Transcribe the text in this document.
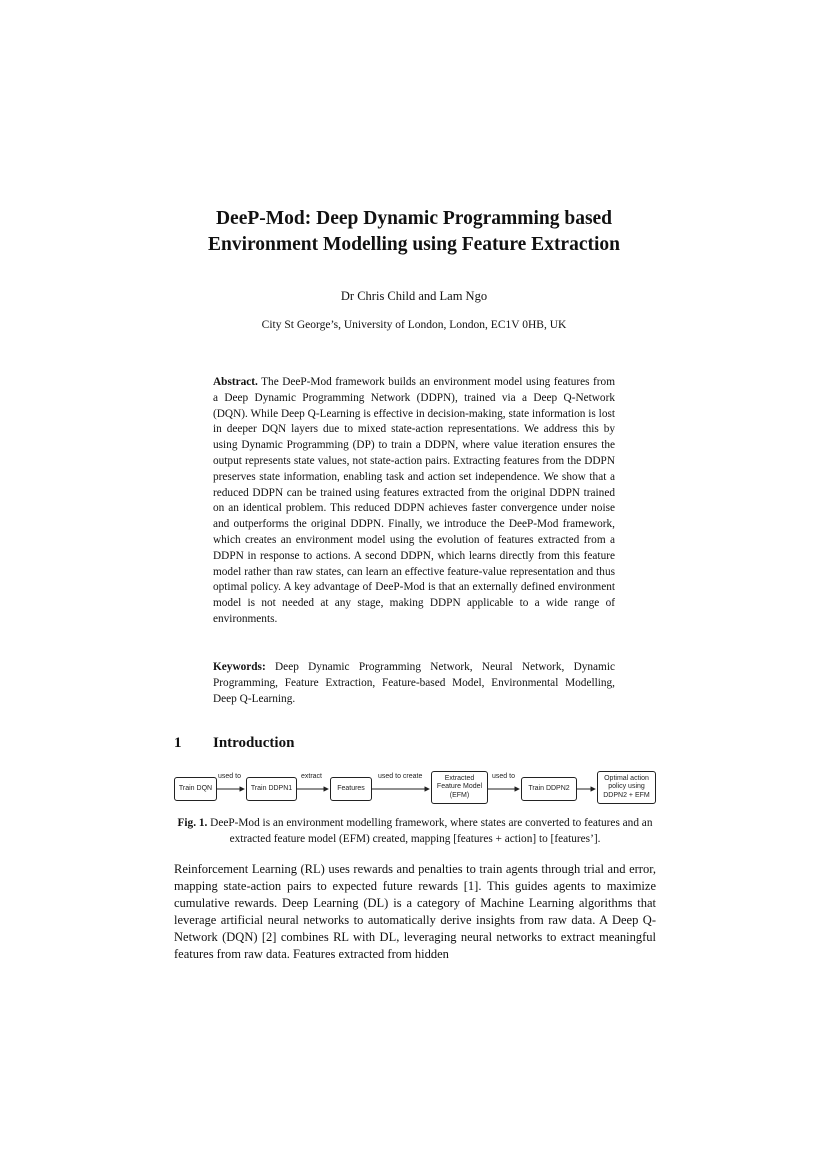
DeeP-Mod: Deep Dynamic Programming based
Environment Modelling using Feature Extraction

Dr Chris Child and Lam Ngo

City St George’s, University of London, London, EC1V 0HB, UK

Abstract. The DeeP-Mod framework builds an environment model using features from a Deep Dynamic Programming Network (DDPN), trained via a Deep Q-Network (DQN). While Deep Q-Learning is effective in decision-making, state information is lost in deeper DQN layers due to mixed state-action representations. We address this by using Dynamic Programming (DP) to train a DDPN, where value iteration ensures the output represents state values, not state-action pairs. Extracting features from the DDPN preserves state information, enabling task and action set independence. We show that a reduced DDPN can be trained using features extracted from the original DDPN trained on an identical problem. This reduced DDPN achieves faster convergence under noise and outperforms the original DDPN. Finally, we introduce the DeeP-Mod framework, which creates an environment model using the evolution of features extracted from a DDPN in response to actions. A second DDPN, which learns directly from this feature model rather than raw states, can learn an effective feature-value representation and thus optimal policy. A key advantage of DeeP-Mod is that an externally defined environment model is not needed at any stage, making DDPN applicable to a wide range of environments.

Keywords: Deep Dynamic Programming Network, Neural Network, Dynamic Programming, Feature Extraction, Feature-based Model, Environmental Modelling, Deep Q-Learning.

1 Introduction
Train DQN	Train DDPN1	Features
Extracted
Feature Model
(EFM)
Train DDPN2
Optimal action
policy using
DDPN2 + EFM
used to	extract	used to create	used to

Fig. 1. DeeP-Mod is an environment modelling framework, where states are converted to features and an extracted feature model (EFM) created, mapping [features + action] to [features’].

Reinforcement Learning (RL) uses rewards and penalties to train agents through trial and error, mapping state-action pairs to expected future rewards [1]. This guides agents to maximize cumulative rewards. Deep Learning (DL) is a category of Machine Learning algorithms that leverage artificial neural networks to automatically derive insights from raw data. A Deep Q-Network (DQN) [2] combines RL with DL, leveraging neural networks to extract meaningful features from raw data. Features extracted from hidden
